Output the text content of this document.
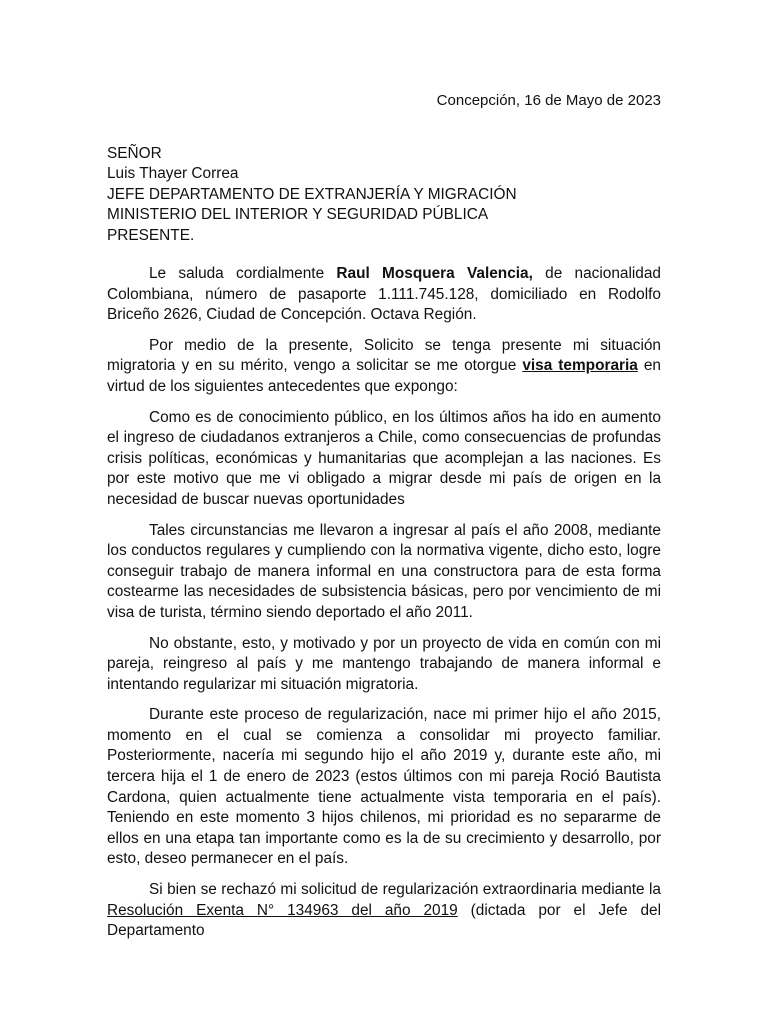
Concepción, 16 de Mayo de 2023
SEÑOR
Luis Thayer Correa
JEFE DEPARTAMENTO DE EXTRANJERÍA Y MIGRACIÓN
MINISTERIO DEL INTERIOR Y SEGURIDAD PÚBLICA
PRESENTE.

Le saluda cordialmente Raul Mosquera Valencia, de nacionalidad Colombiana, número de pasaporte 1.111.745.128, domiciliado en Rodolfo Briceño 2626, Ciudad de Concepción. Octava Región.

Por medio de la presente, Solicito se tenga presente mi situación migratoria y en su mérito, vengo a solicitar se me otorgue visa temporaria en virtud de los siguientes antecedentes que expongo:

Como es de conocimiento público, en los últimos años ha ido en aumento el ingreso de ciudadanos extranjeros a Chile, como consecuencias de profundas crisis políticas, económicas y humanitarias que acomplejan a las naciones. Es por este motivo que me vi obligado a migrar desde mi país de origen en la necesidad de buscar nuevas oportunidades

Tales circunstancias me llevaron a ingresar al país el año 2008, mediante los conductos regulares y cumpliendo con la normativa vigente, dicho esto, logre conseguir trabajo de manera informal en una constructora para de esta forma costearme las necesidades de subsistencia básicas, pero por vencimiento de mi visa de turista, término siendo deportado el año 2011.

No obstante, esto, y motivado y por un proyecto de vida en común con mi pareja, reingreso al país y me mantengo trabajando de manera informal e intentando regularizar mi situación migratoria.

Durante este proceso de regularización, nace mi primer hijo el año 2015, momento en el cual se comienza a consolidar mi proyecto familiar. Posteriormente, nacería mi segundo hijo el año 2019 y, durante este año, mi tercera hija el 1 de enero de 2023 (estos últimos con mi pareja Roció Bautista Cardona, quien actualmente tiene actualmente vista temporaria en el país). Teniendo en este momento 3 hijos chilenos, mi prioridad es no separarme de ellos en una etapa tan importante como es la de su crecimiento y desarrollo, por esto, deseo permanecer en el país.

Si bien se rechazó mi solicitud de regularización extraordinaria mediante la Resolución Exenta N° 134963 del año 2019 (dictada por el Jefe del Departamento
